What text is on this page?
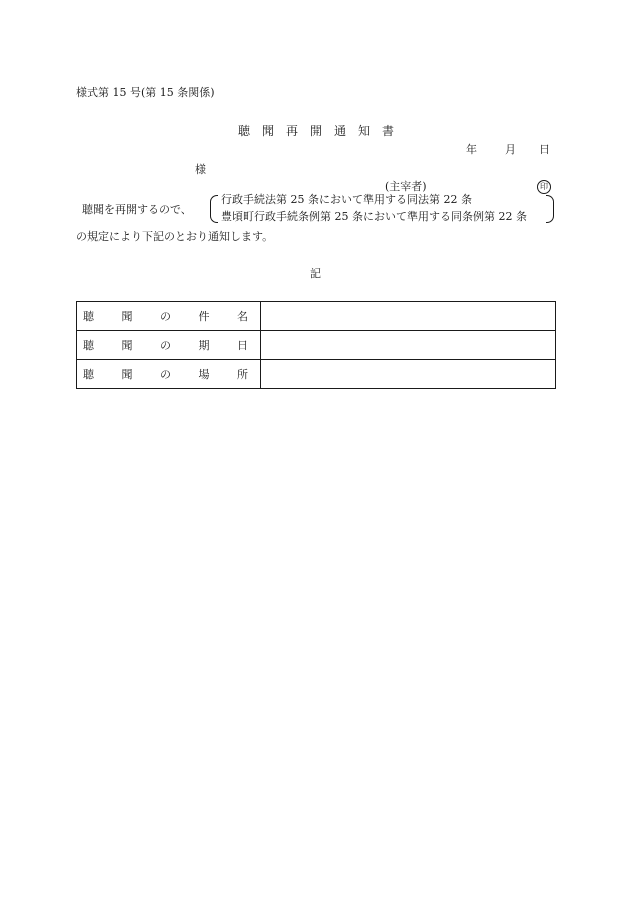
様式第 15 号(第 15 条関係)
聴　聞　再　開　通　知　書
年	月 日
様
(主宰者)	印
聴聞を再開するので、
行政手続法第 25 条において準用する同法第 22 条
豊頃町行政手続条例第 25 条において準用する同条例第 22 条
の規定により下記のとおり通知します。
記
聴 聞 の 件 名	
聴 聞 の 期 日	
聴 聞 の 場 所	
